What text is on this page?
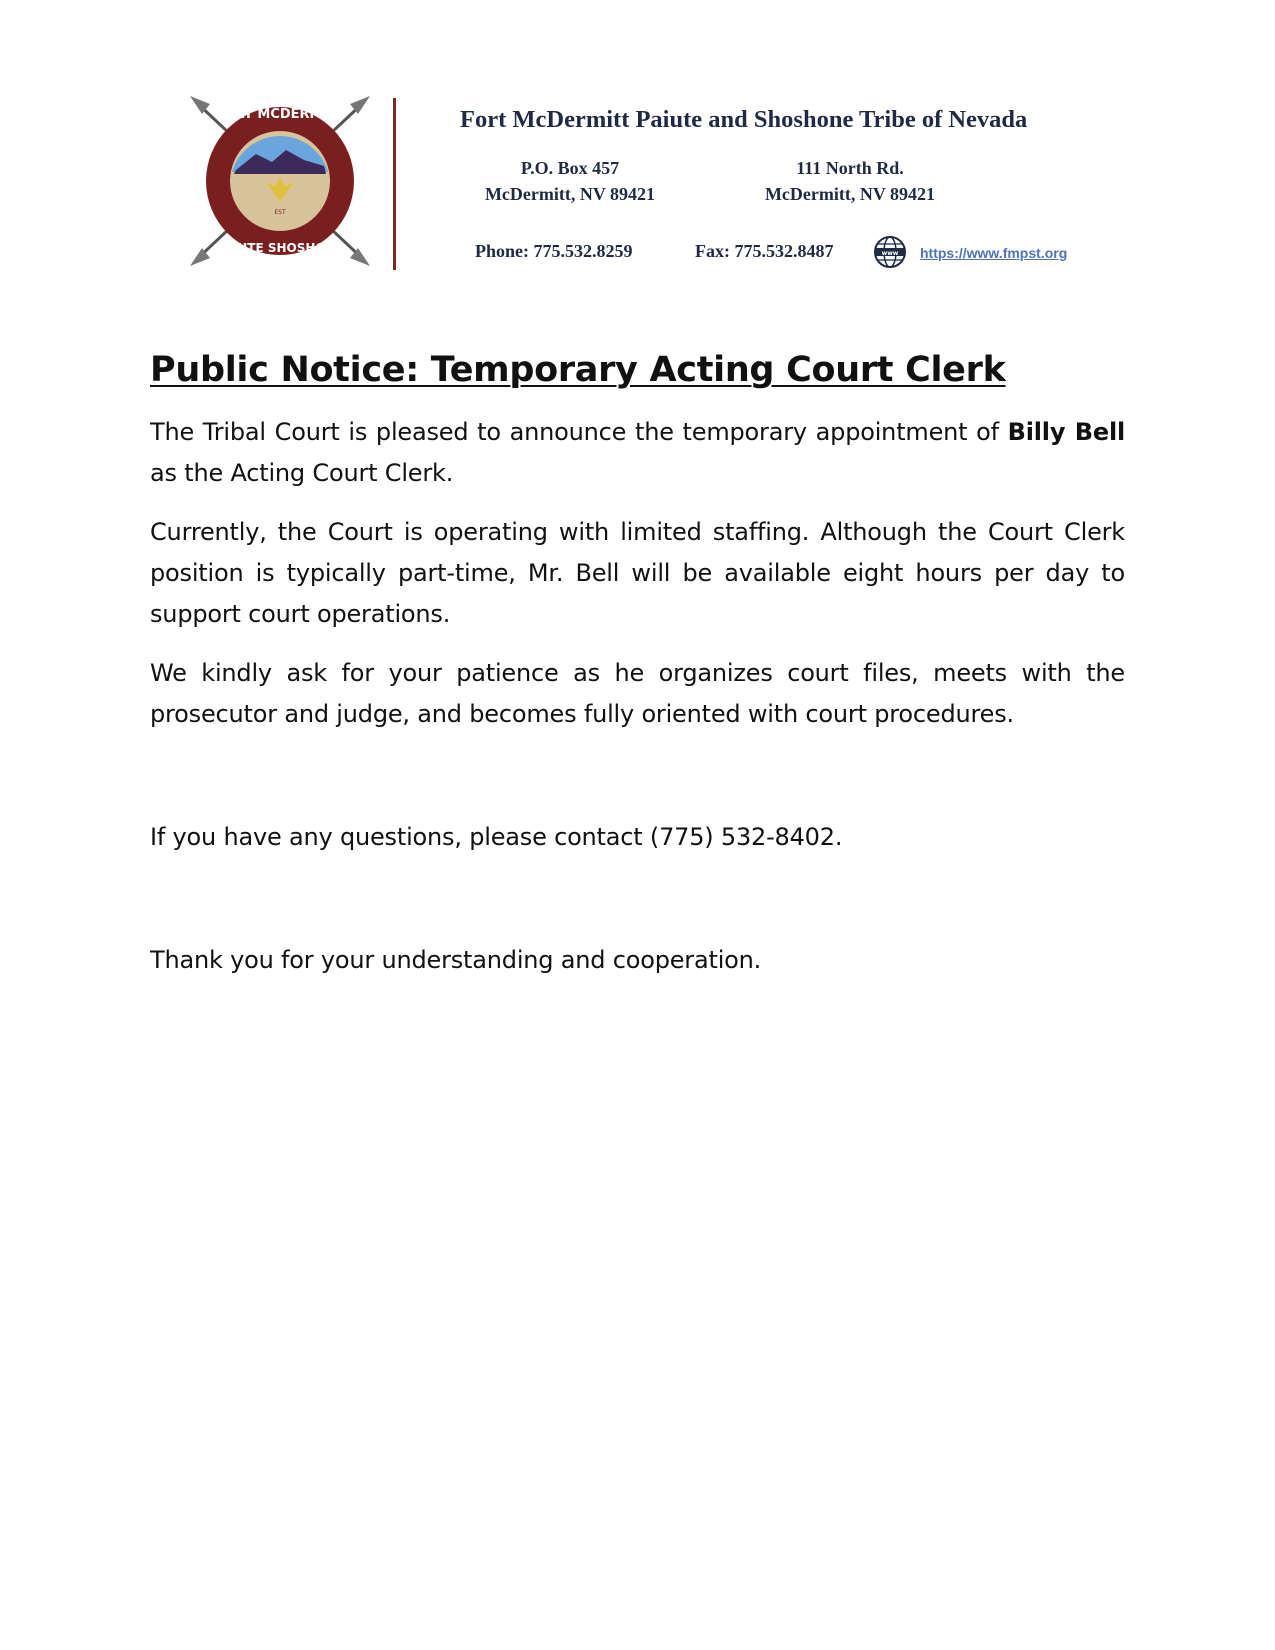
FORT MCDERMITT
PAIUTE SHOSHONE
EST
Fort McDermitt Paiute and Shoshone Tribe of Nevada
P.O. Box 457
McDermitt, NV 89421
111 North Rd.
McDermitt, NV 89421
Phone: 775.532.8259	Fax: 775.532.8487	www https://www.fmpst.org
Public Notice: Temporary Acting Court Clerk

The Tribal Court is pleased to announce the temporary appointment of Billy Bell as the Acting Court Clerk.

Currently, the Court is operating with limited staffing. Although the Court Clerk position is typically part-time, Mr. Bell will be available eight hours per day to support court operations.

We kindly ask for your patience as he organizes court files, meets with the prosecutor and judge, and becomes fully oriented with court procedures.

If you have any questions, please contact (775) 532-8402.

Thank you for your understanding and cooperation.
